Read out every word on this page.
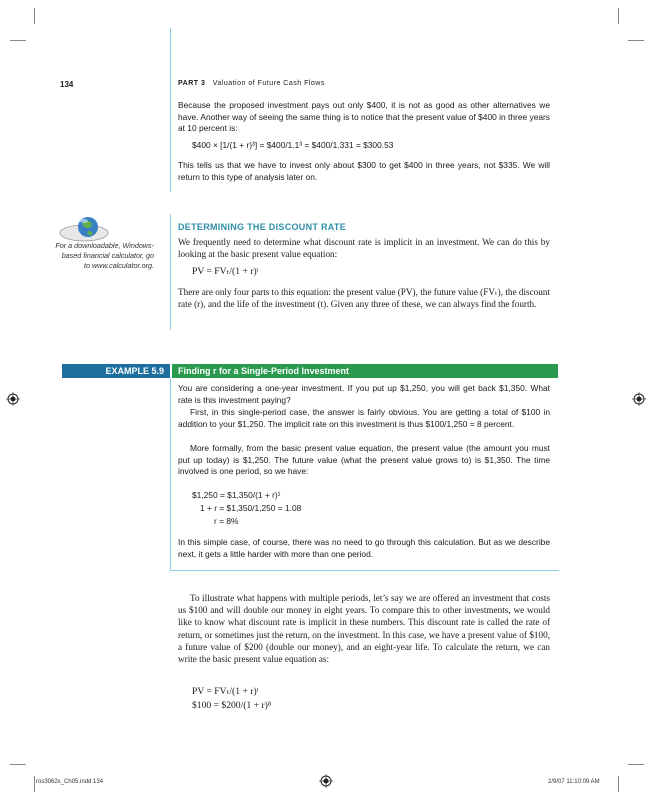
134	PART 3 Valuation of Future Cash Flows

Because the proposed investment pays out only $400, it is not as good as other alternatives we have. Another way of seeing the same thing is to notice that the present value of $400 in three years at 10 percent is:

$400 × [1/(1 + r)³] = $400/1.1³ = $400/1.331 = $300.53

This tells us that we have to invest only about $300 to get $400 in three years, not $335. We will return to this type of analysis later on.

For a downloadable, Windows-based financial calculator, go to www.calculator.org.
DETERMINING THE DISCOUNT RATE

We frequently need to determine what discount rate is implicit in an investment. We can do this by looking at the basic present value equation:

PV = FVₜ/(1 + r)ᵗ

There are only four parts to this equation: the present value (PV), the future value (FVₜ), the discount rate (r), and the life of the investment (t). Given any three of these, we can always find the fourth.

EXAMPLE 5.9	Finding r for a Single-Period Investment

You are considering a one-year investment. If you put up $1,250, you will get back $1,350. What rate is this investment paying?

First, in this single-period case, the answer is fairly obvious. You are getting a total of $100 in addition to your $1,250. The implicit rate on this investment is thus $100/1,250 = 8 percent.

More formally, from the basic present value equation, the present value (the amount you must put up today) is $1,250. The future value (what the present value grows to) is $1,350. The time involved is one period, so we have:

$1,250 = $1,350/(1 + r)¹
1 + r = $1,350/1,250 = 1.08
r = 8%

In this simple case, of course, there was no need to go through this calculation. But as we describe next, it gets a little harder with more than one period.

To illustrate what happens with multiple periods, let’s say we are offered an investment that costs us $100 and will double our money in eight years. To compare this to other investments, we would like to know what discount rate is implicit in these numbers. This discount rate is called the rate of return, or sometimes just the return, on the investment. In this case, we have a present value of $100, a future value of $200 (double our money), and an eight-year life. To calculate the return, we can write the basic present value equation as:

PV = FVₜ/(1 + r)ᵗ
$100 = $200/(1 + r)⁸
ros3062x_Ch05.indd 134	2/9/07 11:10:09 AM
